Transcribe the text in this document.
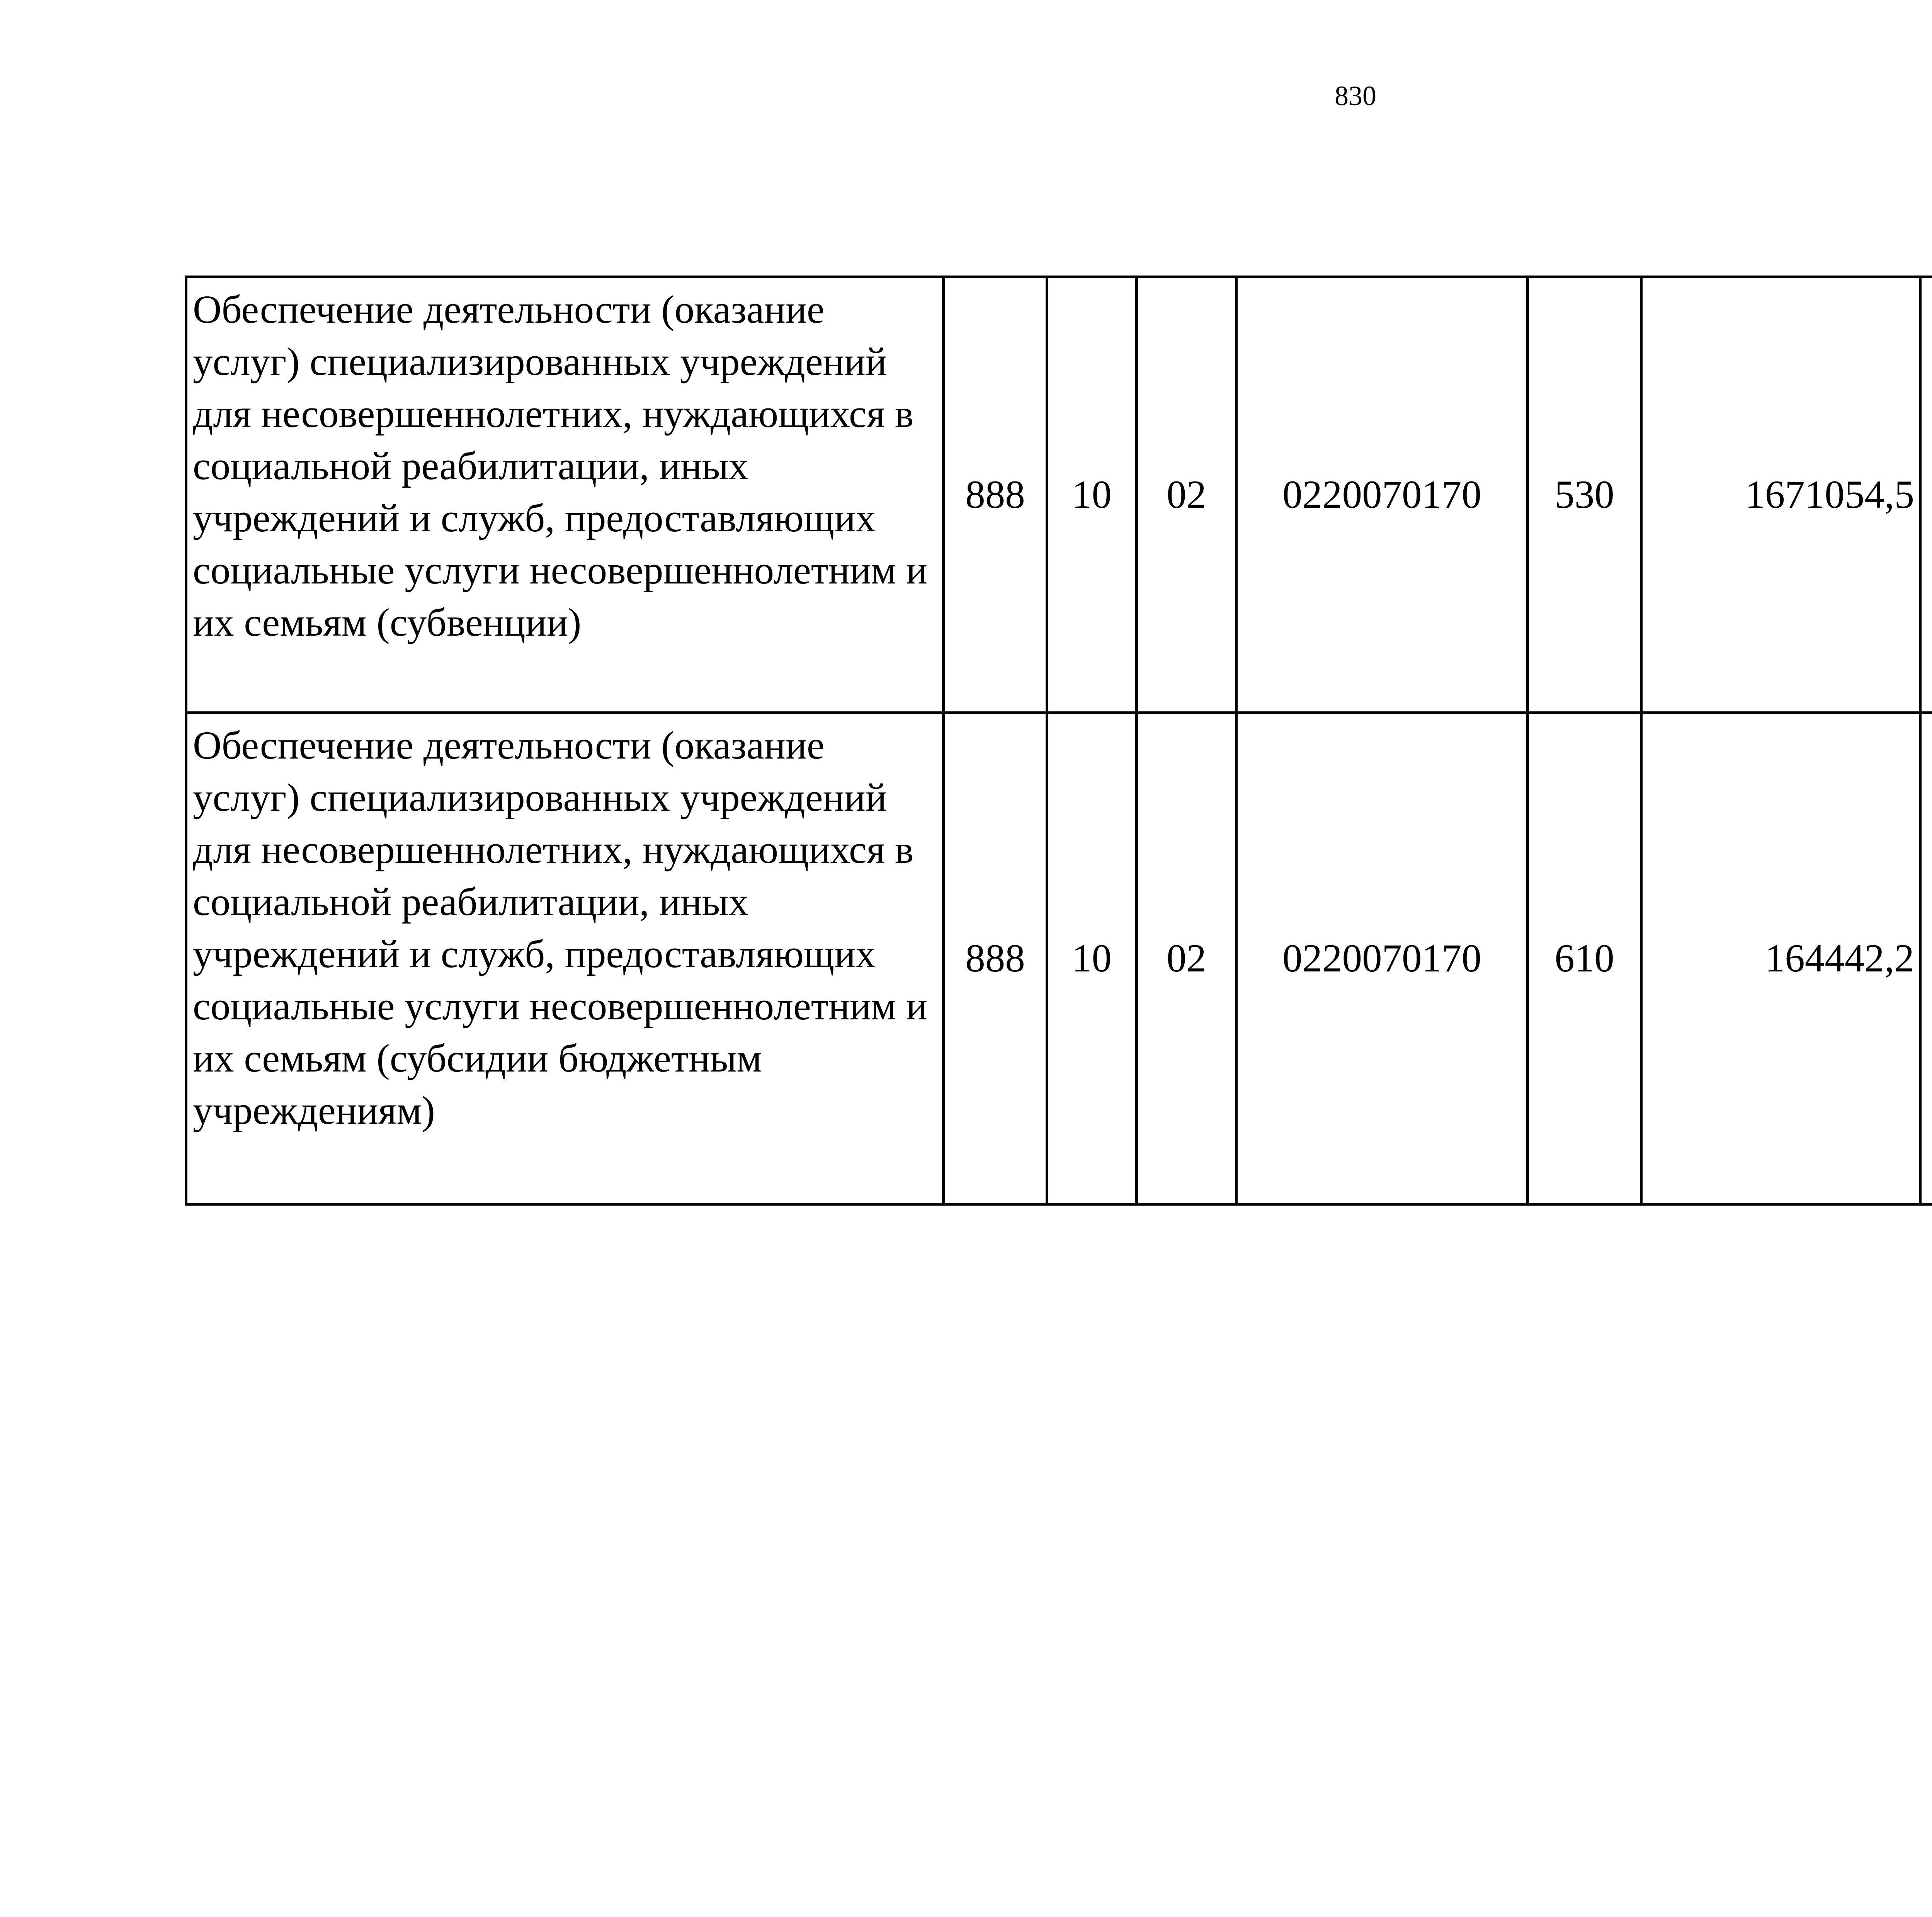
830
Обеспечение деятельности (оказание услуг) специализированных учреждений для несовершеннолетних, нуждающихся в социальной реабилитации, иных учреждений и служб, предоставляющих социальные услуги несовершеннолетним и их семьям (субвенции)	888	10	02	0220070170	530	1671054,5		
Обеспечение деятельности (оказание услуг) специализированных учреждений для несовершеннолетних, нуждающихся в социальной реабилитации, иных учреждений и служб, предоставляющих социальные услуги несовершеннолетним и их семьям (субсидии бюджетным учреждениям)	888	10	02	0220070170	610	164442,2		
